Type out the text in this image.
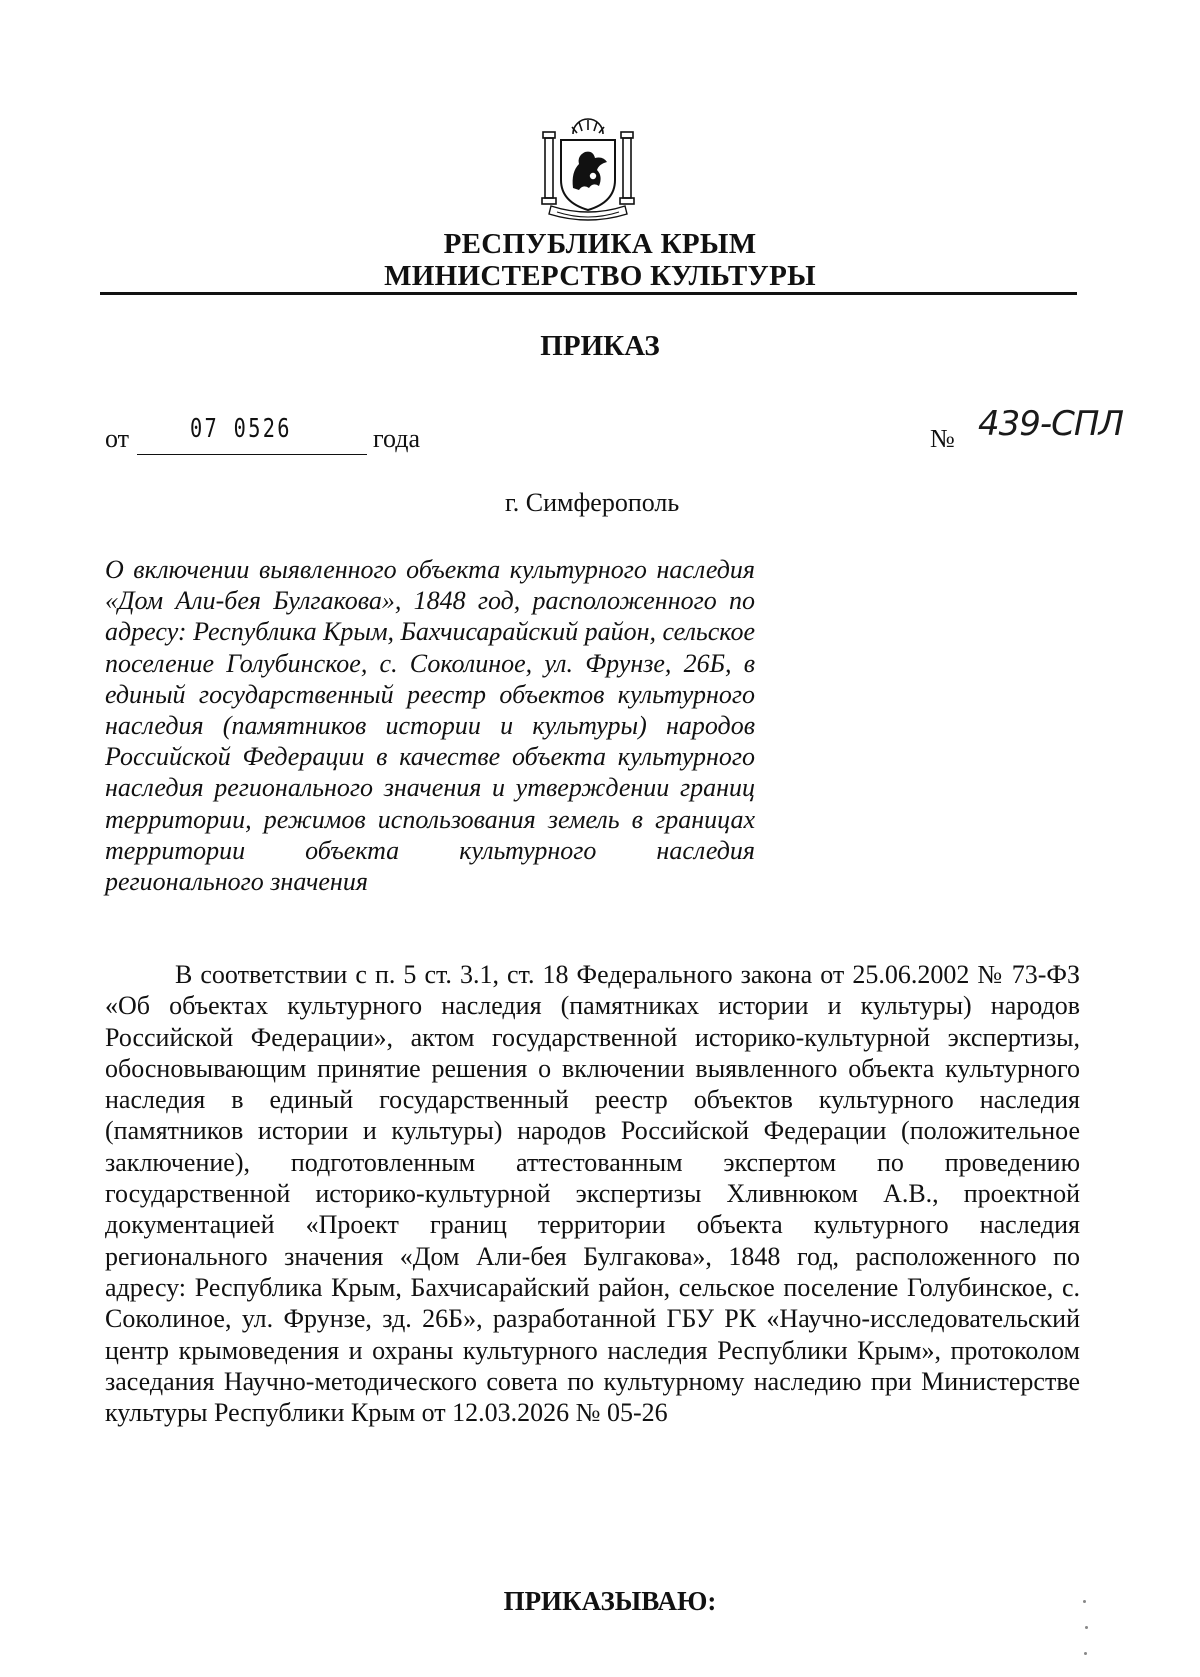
РЕСПУБЛИКА КРЫМ
МИНИСТЕРСТВО КУЛЬТУРЫ
ПРИКАЗ
от 07 0526	года	№ 439-СПЛ
г. Симферополь
О включении выявленного объекта культурного наследия «Дом Али-бея Булгакова», 1848 год, расположенного по адресу: Республика Крым, Бахчисарайский район, сельское поселение Голубинское, с. Соколиное, ул. Фрунзе, 26Б, в единый государственный реестр объектов культурного наследия (памятников истории и культуры) народов Российской Федерации в качестве объекта культурного наследия регионального значения и утверждении границ территории, режимов использования земель в границах территории объекта культурного наследия регионального значения
В соответствии с п. 5 ст. 3.1, ст. 18 Федерального закона от 25.06.2002 № 73-ФЗ «Об объектах культурного наследия (памятниках истории и культуры) народов Российской Федерации», актом государственной историко-культурной экспертизы, обосновывающим принятие решения о включении выявленного объекта культурного наследия в единый государственный реестр объектов культурного наследия (памятников истории и культуры) народов Российской Федерации (положительное заключение), подготовленным аттестованным экспертом по проведению государственной историко-культурной экспертизы Хливнюком А.В., проектной документацией «Проект границ территории объекта культурного наследия регионального значения «Дом Али-бея Булгакова», 1848 год, расположенного по адресу: Республика Крым, Бахчисарайский район, сельское поселение Голубинское, с. Соколиное, ул. Фрунзе, зд. 26Б», разработанной ГБУ РК «Научно-исследовательский центр крымоведения и охраны культурного наследия Республики Крым», протоколом заседания Научно-методического совета по культурному наследию при Министерстве культуры Республики Крым от 12.03.2026 № 05-26
ПРИКАЗЫВАЮ:
